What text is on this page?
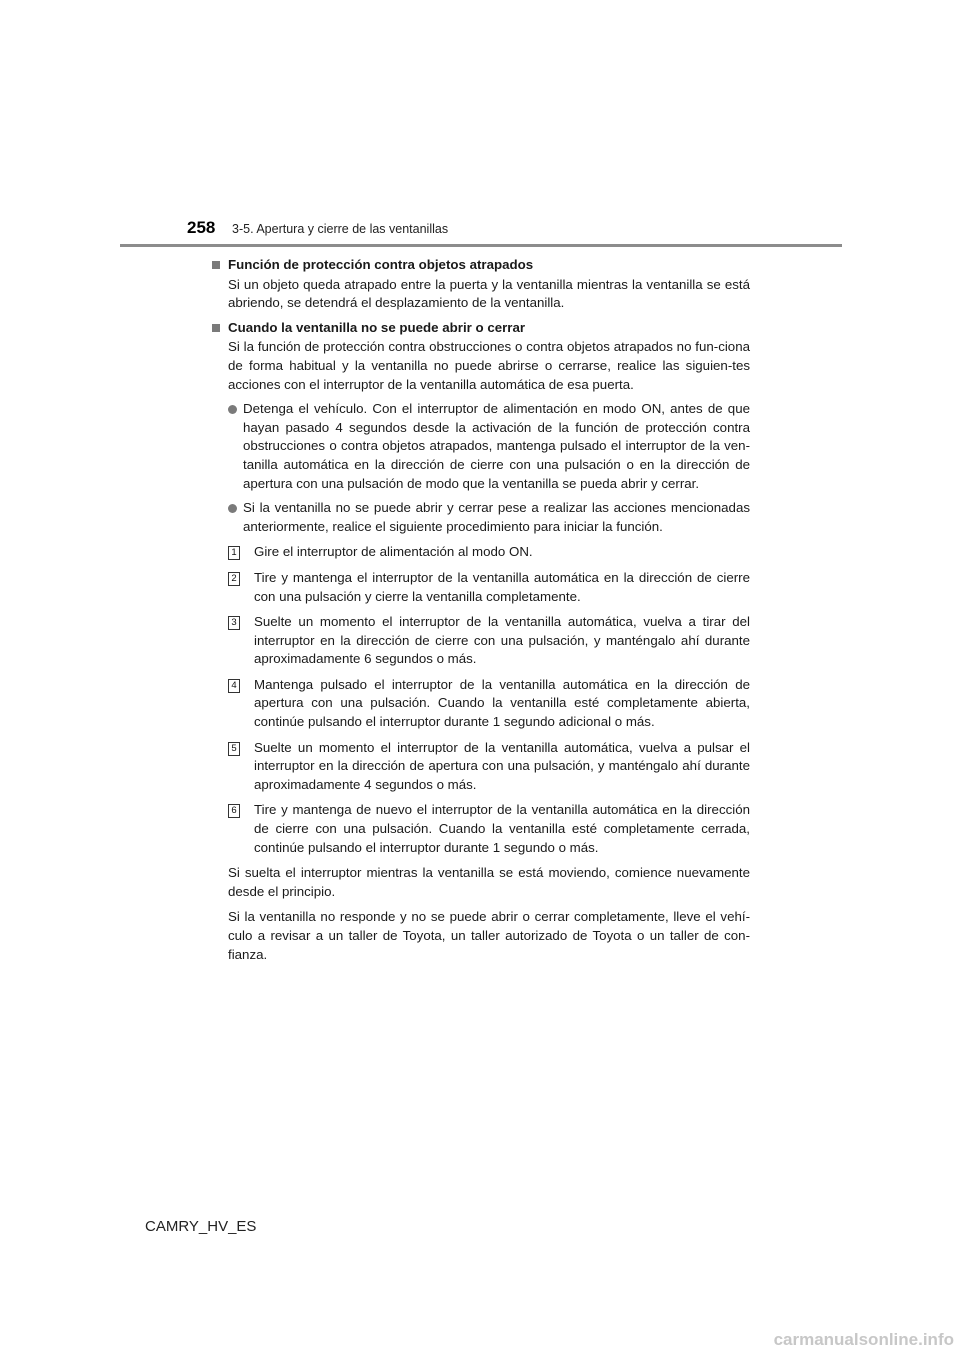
258 3-5. Apertura y cierre de las ventanillas
Función de protección contra objetos atrapados

Si un objeto queda atrapado entre la puerta y la ventanilla mientras la ventanilla se está abriendo, se detendrá el desplazamiento de la ventanilla.

Cuando la ventanilla no se puede abrir o cerrar

Si la función de protección contra obstrucciones o contra objetos atrapados no fun-ciona de forma habitual y la ventanilla no puede abrirse o cerrarse, realice las siguien-tes acciones con el interruptor de la ventanilla automática de esa puerta.

Detenga el vehículo. Con el interruptor de alimentación en modo ON, antes de que hayan pasado 4 segundos desde la activación de la función de protección contra obstrucciones o contra objetos atrapados, mantenga pulsado el interruptor de la ven-tanilla automática en la dirección de cierre con una pulsación o en la dirección de apertura con una pulsación de modo que la ventanilla se pueda abrir y cerrar.
Si la ventanilla no se puede abrir y cerrar pese a realizar las acciones mencionadas anteriormente, realice el siguiente procedimiento para iniciar la función.
1 Gire el interruptor de alimentación al modo ON.
2 Tire y mantenga el interruptor de la ventanilla automática en la dirección de cierre con una pulsación y cierre la ventanilla completamente.
3 Suelte un momento el interruptor de la ventanilla automática, vuelva a tirar del interruptor en la dirección de cierre con una pulsación, y manténgalo ahí durante aproximadamente 6 segundos o más.
4 Mantenga pulsado el interruptor de la ventanilla automática en la dirección de apertura con una pulsación. Cuando la ventanilla esté completamente abierta, continúe pulsando el interruptor durante 1 segundo adicional o más.
5 Suelte un momento el interruptor de la ventanilla automática, vuelva a pulsar el interruptor en la dirección de apertura con una pulsación, y manténgalo ahí durante aproximadamente 4 segundos o más.
6 Tire y mantenga de nuevo el interruptor de la ventanilla automática en la dirección de cierre con una pulsación. Cuando la ventanilla esté completamente cerrada, continúe pulsando el interruptor durante 1 segundo o más.

Si suelta el interruptor mientras la ventanilla se está moviendo, comience nuevamente desde el principio.

Si la ventanilla no responde y no se puede abrir o cerrar completamente, lleve el vehí-culo a revisar a un taller de Toyota, un taller autorizado de Toyota o un taller de con-fianza.

CAMRY_HV_ES
carmanualsonline.info
